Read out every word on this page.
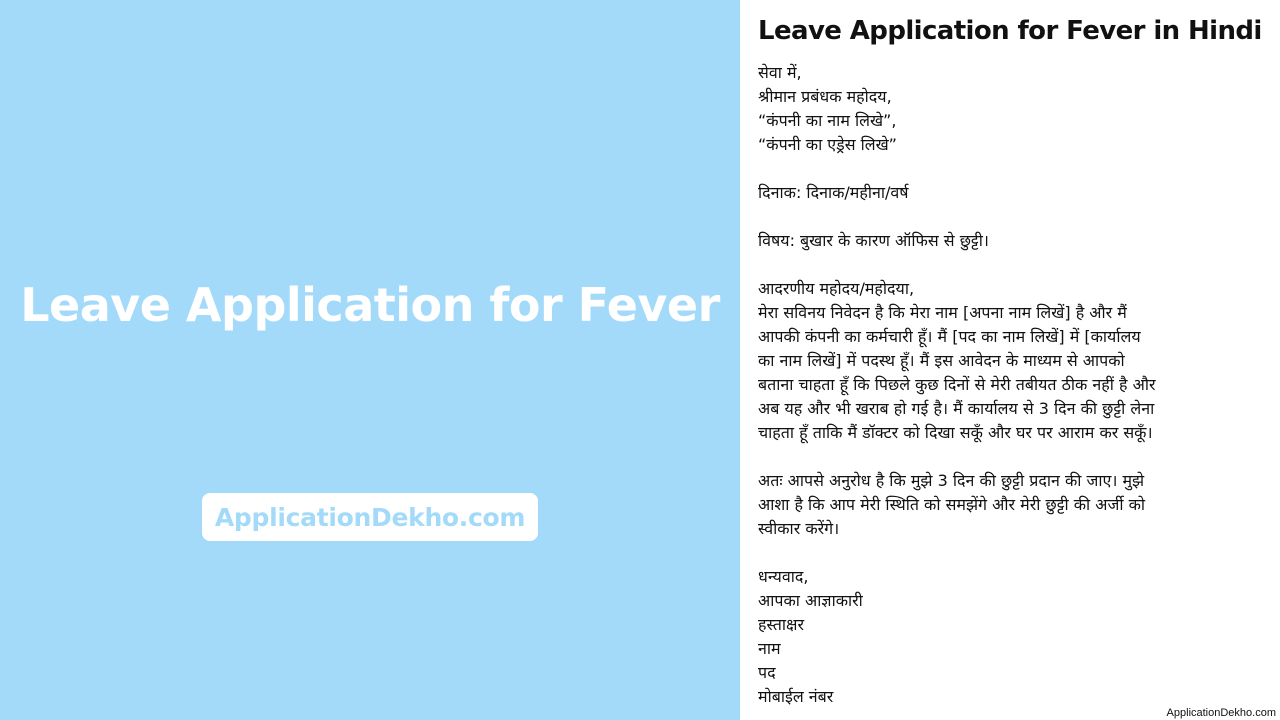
Leave Application for Fever
ApplicationDekho.com
Leave Application for Fever in Hindi
सेवा में,
श्रीमान प्रबंधक महोदय,
“कंपनी का नाम लिखे”,
“कंपनी का एड्रेस लिखे”
दिनाक: दिनाक/महीना/वर्ष
विषय: बुखार के कारण ऑफिस से छुट्टी।
आदरणीय महोदय/महोदया,
मेरा सविनय निवेदन है कि मेरा नाम [अपना नाम लिखें] है और मैं
आपकी कंपनी का कर्मचारी हूँ। मैं [पद का नाम लिखें] में [कार्यालय
का नाम लिखें] में पदस्थ हूँ। मैं इस आवेदन के माध्यम से आपको
बताना चाहता हूँ कि पिछले कुछ दिनों से मेरी तबीयत ठीक नहीं है और
अब यह और भी खराब हो गई है। मैं कार्यालय से 3 दिन की छुट्टी लेना
चाहता हूँ ताकि मैं डॉक्टर को दिखा सकूँ और घर पर आराम कर सकूँ।
अतः आपसे अनुरोध है कि मुझे 3 दिन की छुट्टी प्रदान की जाए। मुझे
आशा है कि आप मेरी स्थिति को समझेंगे और मेरी छुट्टी की अर्जी को
स्वीकार करेंगे।
धन्यवाद,
आपका आज्ञाकारी
हस्ताक्षर
नाम
पद
मोबाईल नंबर
ApplicationDekho.com
